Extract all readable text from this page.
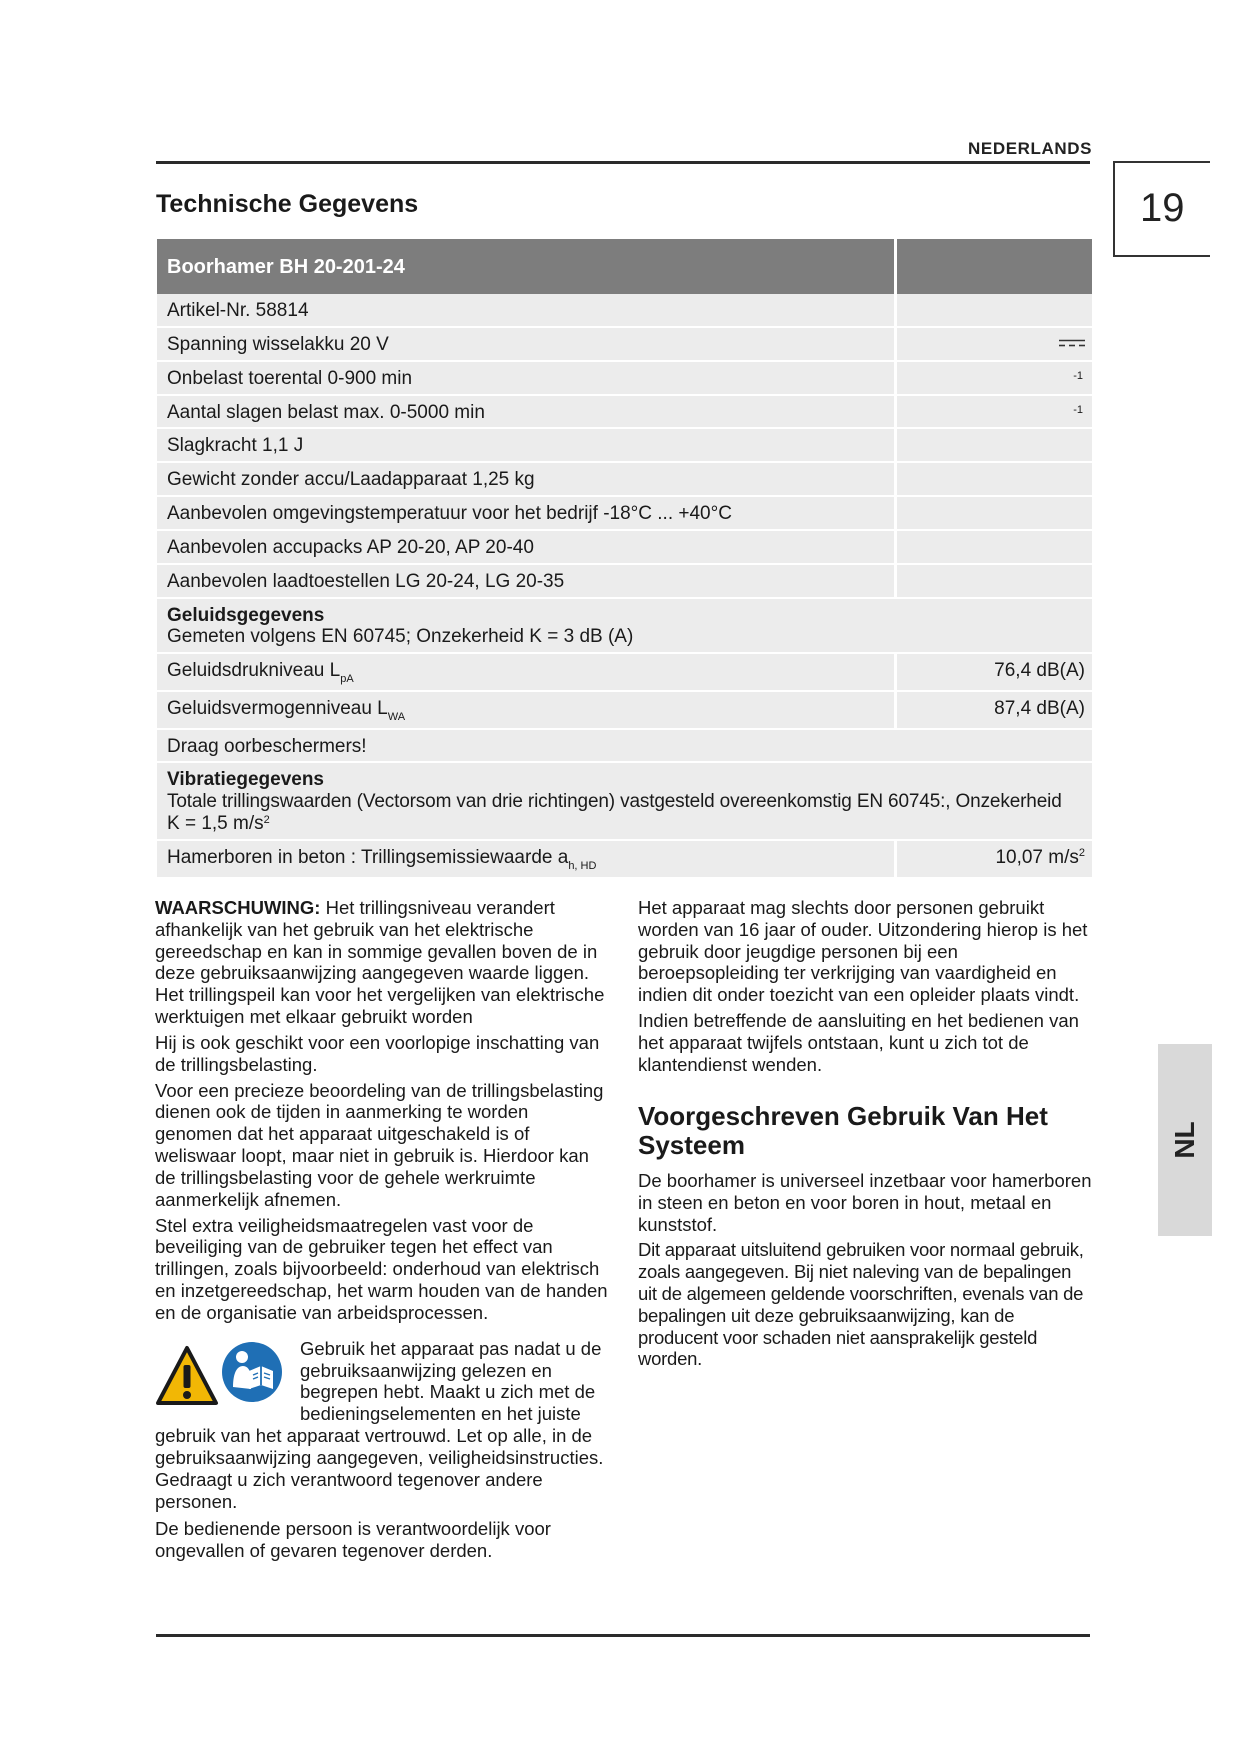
NEDERLANDS
19
NL
Technische Gegevens
Boorhamer BH 20-201-24
Artikel-Nr. 58814
Spanning wisselakku 20 V
Onbelast toerental 0-900 min	-1
Aantal slagen belast max. 0-5000 min	-1
Slagkracht 1,1 J
Gewicht zonder accu/Laadapparaat 1,25 kg
Aanbevolen omgevingstemperatuur voor het bedrijf -18°C ... +40°C
Aanbevolen accupacks AP 20-20, AP 20-40
Aanbevolen laadtoestellen LG 20-24, LG 20-35
Geluidsgegevens
Gemeten volgens EN 60745; Onzekerheid K = 3 dB (A)
Geluidsdrukniveau $L_{pA}$	76,4 dB(A)
Geluidsvermogenniveau $L_{WA}$	87,4 dB(A)
Draag oorbeschermers!
Vibratiegegevens
Totale trillingswaarden (Vectorsom van drie richtingen) vastgesteld overeenkomstig EN 60745:, Onzekerheid
K = 1,5 $m/s^2$
Hamerboren in beton : Trillingsemissiewaarde $a_{h, HD}$	10,07 $m/s^2$

WAARSCHUWING: Het trillingsniveau verandert afhankelijk van het gebruik van het elektrische gereedschap en kan in sommige gevallen boven de in deze gebruiksaanwijzing aangegeven waarde liggen. Het trillingspeil kan voor het vergelijken van elektrische werktuigen met elkaar gebruikt worden

Hij is ook geschikt voor een voorlopige inschatting van de trillingsbelasting.

Voor een precieze beoordeling van de trillingsbelasting dienen ook de tijden in aanmerking te worden genomen dat het apparaat uitgeschakeld is of weliswaar loopt, maar niet in gebruik is. Hierdoor kan de trillingsbelasting voor de gehele werkruimte aanmerkelijk afnemen.

Stel extra veiligheidsmaatregelen vast voor de beveiliging van de gebruiker tegen het effect van trillingen, zoals bijvoorbeeld: onderhoud van elektrisch en inzetgereedschap, het warm houden van de handen en de organisatie van arbeidsprocessen.

Gebruik het apparaat pas nadat u de gebruiksaanwijzing gelezen en begrepen hebt. Maakt u zich met de bedieningselementen en het juiste gebruik van het apparaat vertrouwd. Let op alle, in de gebruiksaanwijzing aangegeven, veiligheidsinstructies. Gedraagt u zich verantwoord tegenover andere personen.

De bedienende persoon is verantwoordelijk voor ongevallen of gevaren tegenover derden.

Het apparaat mag slechts door personen gebruikt worden van 16 jaar of ouder. Uitzondering hierop is het gebruik door jeugdige personen bij een beroepsopleiding ter verkrijging van vaardigheid en indien dit onder toezicht van een opleider plaats vindt.

Indien betreffende de aansluiting en het bedienen van het apparaat twijfels ontstaan, kunt u zich tot de klantendienst wenden.

Voorgeschreven Gebruik Van Het Systeem

De boorhamer is universeel inzetbaar voor hamerboren in steen en beton en voor boren in hout, metaal en kunststof.

Dit apparaat uitsluitend gebruiken voor normaal gebruik, zoals aangegeven. Bij niet naleving van de bepalingen uit de algemeen geldende voorschriften, evenals van de bepalingen uit deze gebruiksaanwijzing, kan de producent voor schaden niet aansprakelijk gesteld worden.
